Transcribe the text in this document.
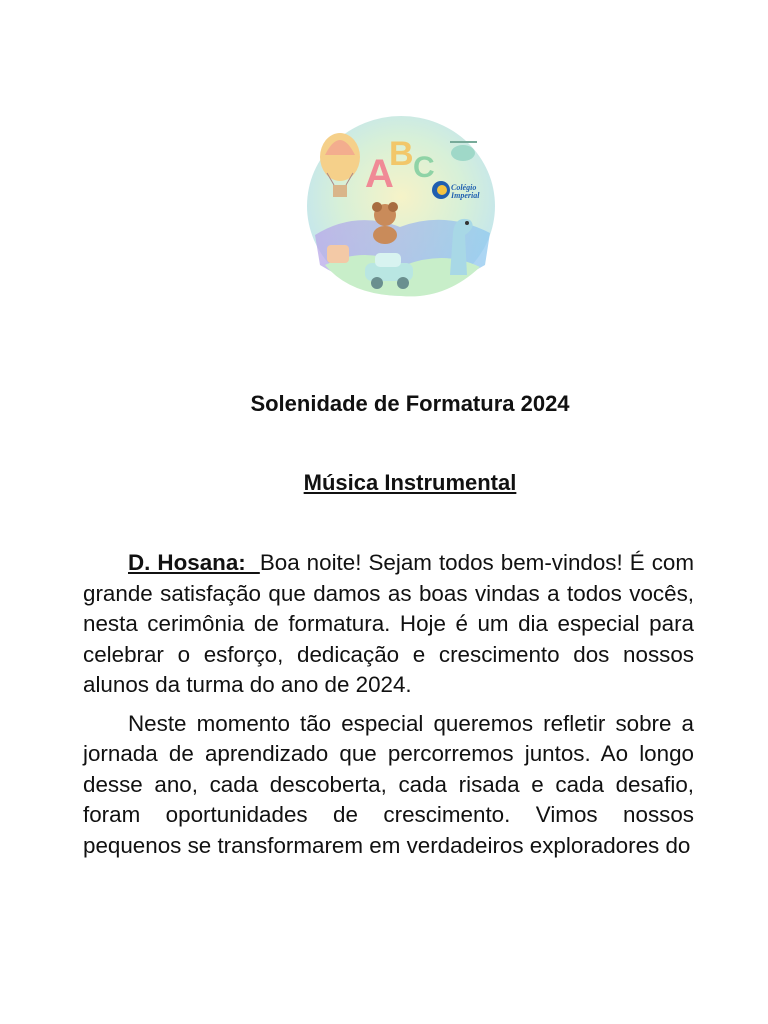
A
B C
Colégio
Imperial
Solenidade de Formatura 2024
Música Instrumental

D. Hosana:  Boa noite! Sejam todos bem-vindos! É com grande satisfação que damos as boas vindas a todos vocês, nesta cerimônia de formatura. Hoje é um dia especial para celebrar o esforço, dedicação e crescimento dos nossos alunos da turma do ano de 2024.

Neste momento tão especial queremos refletir sobre a jornada de aprendizado que percorremos juntos. Ao longo desse ano, cada descoberta, cada risada e cada desafio, foram oportunidades de crescimento. Vimos nossos pequenos se transformarem em verdadeiros exploradores do
